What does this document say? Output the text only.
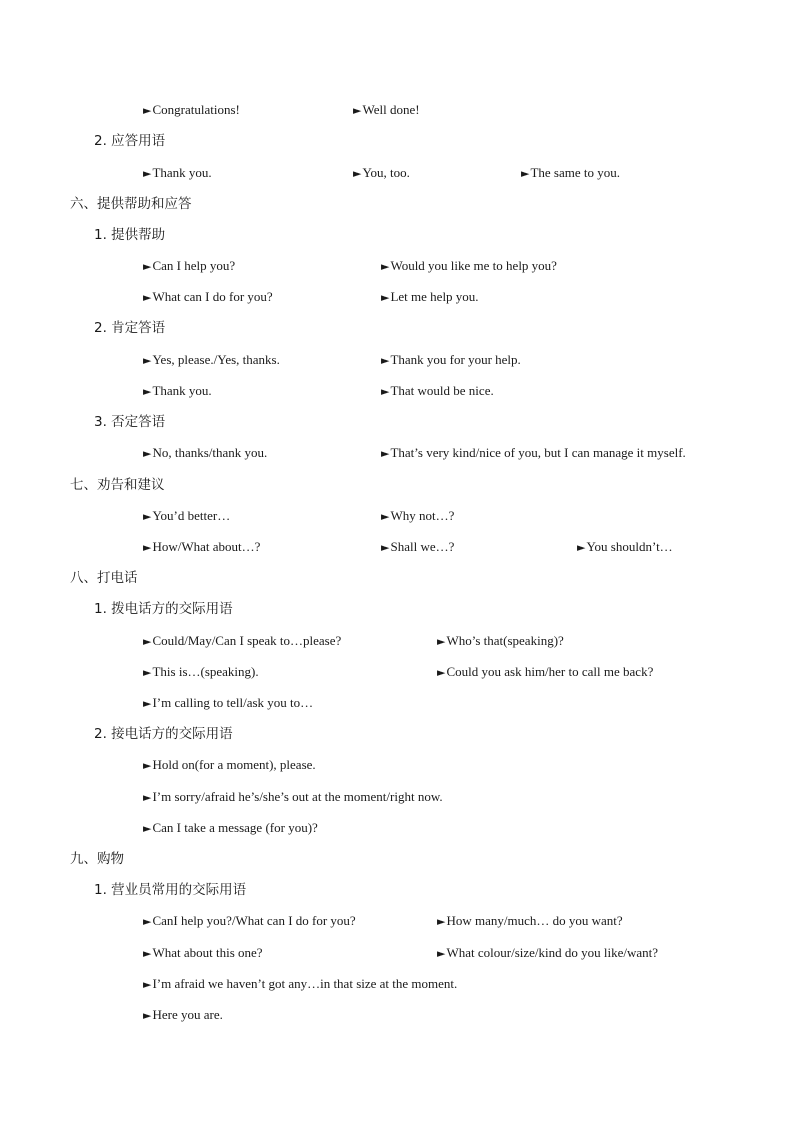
►Congratulations!	►Well done!
2. 应答用语
►Thank you.	►You, too.	►The same to you.
六、提供帮助和应答
1. 提供帮助
►Can I help you?	►Would you like me to help you?
►What can I do for you?	►Let me help you.
2. 肯定答语
►Yes, please./Yes, thanks.	►Thank you for your help.
►Thank you.	►That would be nice.
3. 否定答语
►No, thanks/thank you.	►That’s very kind/nice of you, but I can manage it myself.
七、劝告和建议
►You’d better…	►Why not…?
►How/What about…?	►Shall we…?	►You shouldn’t…
八、打电话
1. 拨电话方的交际用语
►Could/May/Can I speak to…please?	►Who’s that(speaking)?
►This is…(speaking).	►Could you ask him/her to call me back?
►I’m calling to tell/ask you to…
2. 接电话方的交际用语
►Hold on(for a moment), please.
►I’m sorry/afraid he’s/she’s out at the moment/right now.
►Can I take a message (for you)?
九、购物
1. 营业员常用的交际用语
►CanI help you?/What can I do for you?	►How many/much… do you want?
►What about this one?	►What colour/size/kind do you like/want?
►I’m afraid we haven’t got any…in that size at the moment.
►Here you are.
